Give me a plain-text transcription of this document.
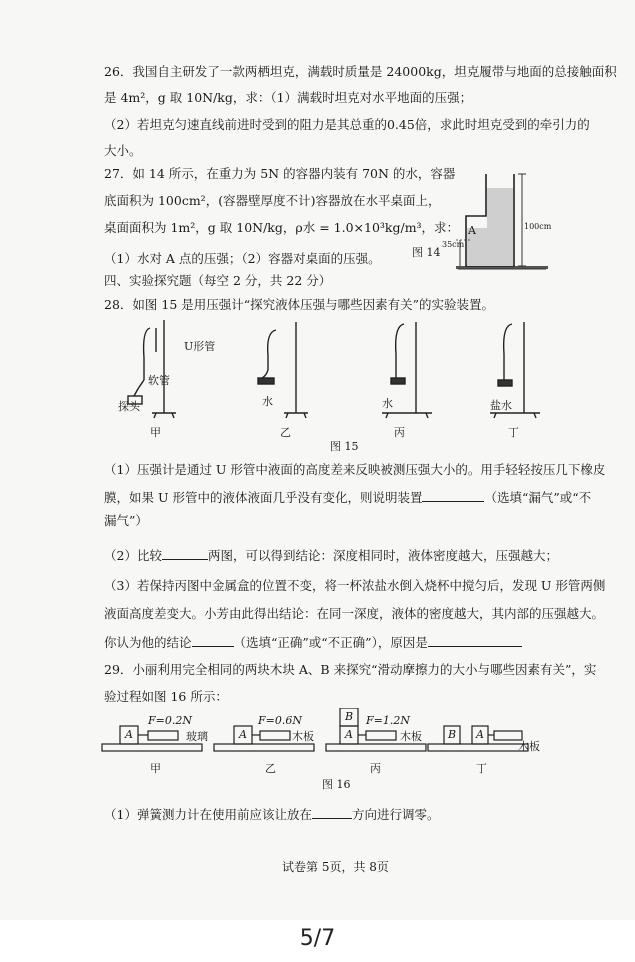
26．我国自主研发了一款两栖坦克，满载时质量是 24000kg，坦克履带与地面的总接触面积
是 4m²，g 取 10N/kg，求：（1）满载时坦克对水平地面的压强；
（2）若坦克匀速直线前进时受到的阻力是其总重的0.45倍，求此时坦克受到的牵引力的
大小。
27．如 14 所示，在重力为 5N 的容器内装有 70N 的水，容器
底面积为 100cm²，(容器壁厚度不计)容器放在水平桌面上，
桌面面积为 1m²，g 取 10N/kg，ρ水 = 1.0×10³kg/m³，求：
（1）水对 A 点的压强；（2）容器对桌面的压强。
A	100cm
35cm
图 14
四、实验探究题（每空 2 分，共 22 分）
28．如图 15 是用压强计“探究液体压强与哪些因素有关”的实验装置。
U形管
软管
探头	水	水	盐水
甲	乙	丙	丁
图 15
（1）压强计是通过 U 形管中液面的高度差来反映被测压强大小的。用手轻轻按压几下橡皮
膜，如果 U 形管中的液体液面几乎没有变化，则说明装置	（选填“漏气”或“不
漏气”）
（2）比较	两图，可以得到结论：深度相同时，液体密度越大，压强越大；
（3）若保持丙图中金属盒的位置不变，将一杯浓盐水倒入烧杯中搅匀后，发现 U 形管两侧
液面高度差变大。小芳由此得出结论：在同一深度，液体的密度越大，其内部的压强越大。
你认为他的结论	（选填“正确”或“不正确”），原因是
29．小丽利用完全相同的两块木块 A、B 来探究“滑动摩擦力的大小与哪些因素有关”，实
验过程如图 16 所示：
F=0.2N	F=0.6N	F=1.2N
玻璃	木板	木板
木板
A	A	A
B
B A
甲	乙	丙	丁
图 16
（1）弹簧测力计在使用前应该让放在	方向进行调零。
试卷第 5页，共 8页
5/7
